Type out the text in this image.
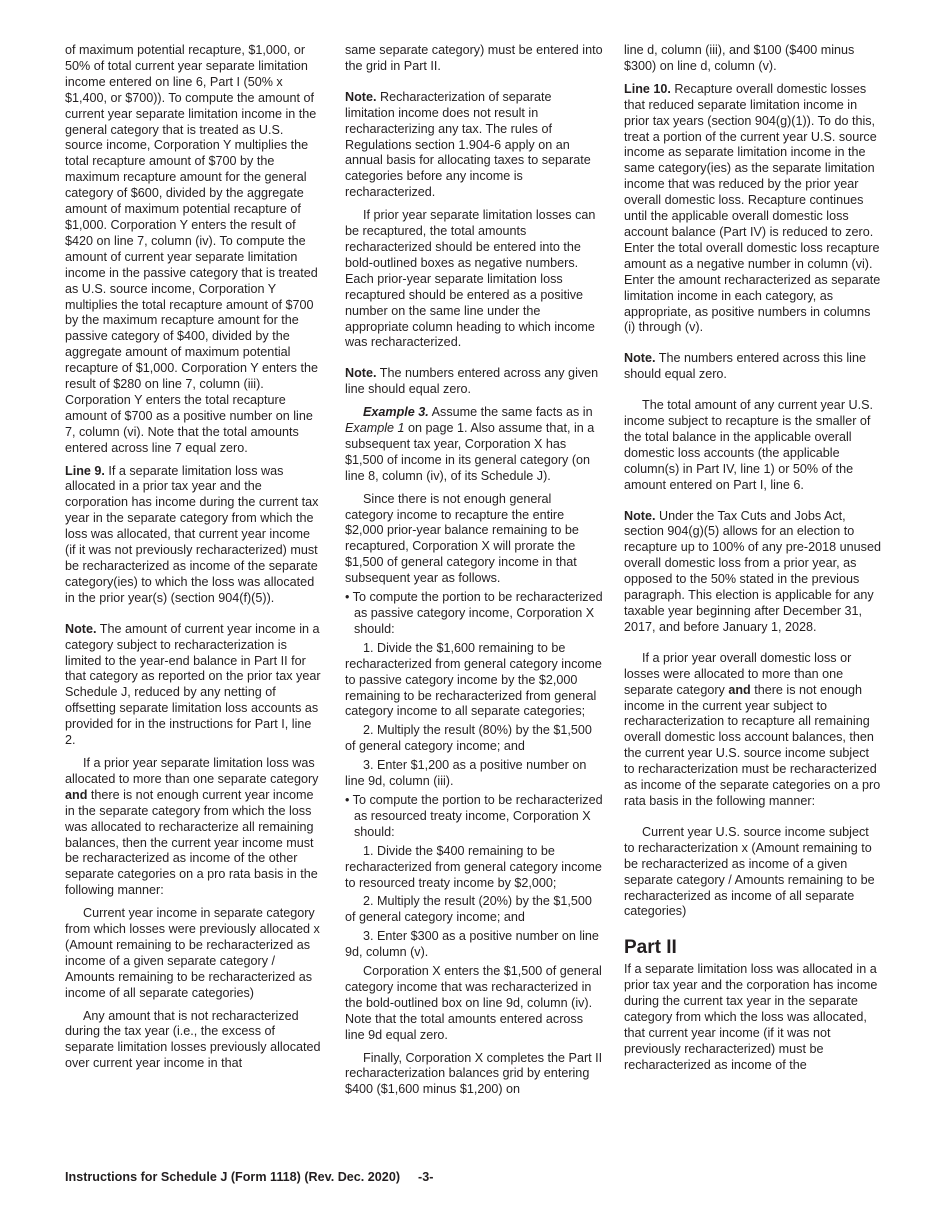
of maximum potential recapture, $1,000, or 50% of total current year separate limitation income entered on line 6, Part I (50% x $1,400, or $700)). To compute the amount of current year separate limitation income in the general category that is treated as U.S. source income, Corporation Y multiplies the total recapture amount of $700 by the maximum recapture amount for the general category of $600, divided by the aggregate amount of maximum potential recapture of $1,000. Corporation Y enters the result of $420 on line 7, column (iv). To compute the amount of current year separate limitation income in the passive category that is treated as U.S. source income, Corporation Y multiplies the total recapture amount of $700 by the maximum recapture amount for the passive category of $400, divided by the aggregate amount of maximum potential recapture of $1,000. Corporation Y enters the result of $280 on line 7, column (iii). Corporation Y enters the total recapture amount of $700 as a positive number on line 7, column (vi). Note that the total amounts entered across line 7 equal zero.

Line 9. If a separate limitation loss was allocated in a prior tax year and the corporation has income during the current tax year in the separate category from which the loss was allocated, that current year income (if it was not previously recharacterized) must be recharacterized as income of the separate category(ies) to which the loss was allocated in the prior year(s) (section 904(f)(5)).

Note. The amount of current year income in a category subject to recharacterization is limited to the year-end balance in Part II for that category as reported on the prior tax year Schedule J, reduced by any netting of offsetting separate limitation loss accounts as provided for in the instructions for Part I, line 2.

If a prior year separate limitation loss was allocated to more than one separate category and there is not enough current year income in the separate category from which the loss was allocated to recharacterize all remaining balances, then the current year income must be recharacterized as income of the other separate categories on a pro rata basis in the following manner:

Current year income in separate category from which losses were previously allocated x (Amount remaining to be recharacterized as income of a given separate category / Amounts remaining to be recharacterized as income of all separate categories)

Any amount that is not recharacterized during the tax year (i.e., the excess of separate limitation losses previously allocated over current year income in that

same separate category) must be entered into the grid in Part II.

Note. Recharacterization of separate limitation income does not result in recharacterizing any tax. The rules of Regulations section 1.904-6 apply on an annual basis for allocating taxes to separate categories before any income is recharacterized.

If prior year separate limitation losses can be recaptured, the total amounts recharacterized should be entered into the bold-outlined boxes as negative numbers. Each prior-year separate limitation loss recaptured should be entered as a positive number on the same line under the appropriate column heading to which income was recharacterized.

Note. The numbers entered across any given line should equal zero.

Example 3. Assume the same facts as in Example 1 on page 1. Also assume that, in a subsequent tax year, Corporation X has $1,500 of income in its general category (on line 8, column (iv), of its Schedule J).

Since there is not enough general category income to recapture the entire $2,000 prior-year balance remaining to be recaptured, Corporation X will prorate the $1,500 of general category income in that subsequent year as follows.

• To compute the portion to be recharacterized as passive category income, Corporation X should:

1. Divide the $1,600 remaining to be recharacterized from general category income to passive category income by the $2,000 remaining to be recharacterized from general category income to all separate categories;

2. Multiply the result (80%) by the $1,500 of general category income; and

3. Enter $1,200 as a positive number on line 9d, column (iii).

• To compute the portion to be recharacterized as resourced treaty income, Corporation X should:

1. Divide the $400 remaining to be recharacterized from general category income to resourced treaty income by $2,000;

2. Multiply the result (20%) by the $1,500 of general category income; and

3. Enter $300 as a positive number on line 9d, column (v).

Corporation X enters the $1,500 of general category income that was recharacterized in the bold-outlined box on line 9d, column (iv). Note that the total amounts entered across line 9d equal zero.

Finally, Corporation X completes the Part II recharacterization balances grid by entering $400 ($1,600 minus $1,200) on

line d, column (iii), and $100 ($400 minus $300) on line d, column (v).

Line 10. Recapture overall domestic losses that reduced separate limitation income in prior tax years (section 904(g)(1)). To do this, treat a portion of the current year U.S. source income as separate limitation income in the same category(ies) as the separate limitation income that was reduced by the prior year overall domestic loss. Recapture continues until the applicable overall domestic loss account balance (Part IV) is reduced to zero. Enter the total overall domestic loss recapture amount as a negative number in column (vi). Enter the amount recharacterized as separate limitation income in each category, as appropriate, as positive numbers in columns (i) through (v).

Note. The numbers entered across this line should equal zero.

The total amount of any current year U.S. income subject to recapture is the smaller of the total balance in the applicable overall domestic loss accounts (the applicable column(s) in Part IV, line 1) or 50% of the amount entered on Part I, line 6.

Note. Under the Tax Cuts and Jobs Act, section 904(g)(5) allows for an election to recapture up to 100% of any pre-2018 unused overall domestic loss from a prior year, as opposed to the 50% stated in the previous paragraph. This election is applicable for any taxable year beginning after December 31, 2017, and before January 1, 2028.

If a prior year overall domestic loss or losses were allocated to more than one separate category and there is not enough income in the current year subject to recharacterization to recapture all remaining overall domestic loss account balances, then the current year U.S. source income subject to recharacterization must be recharacterized as income of the separate categories on a pro rata basis in the following manner:

Current year U.S. source income subject to recharacterization x (Amount remaining to be recharacterized as income of a given separate category / Amounts remaining to be recharacterized as income of all separate categories)

Part II

If a separate limitation loss was allocated in a prior tax year and the corporation has income during the current tax year in the separate category from which the loss was allocated, that current year income (if it was not previously recharacterized) must be recharacterized as income of the

Instructions for Schedule J (Form 1118) (Rev. Dec. 2020) -3-
